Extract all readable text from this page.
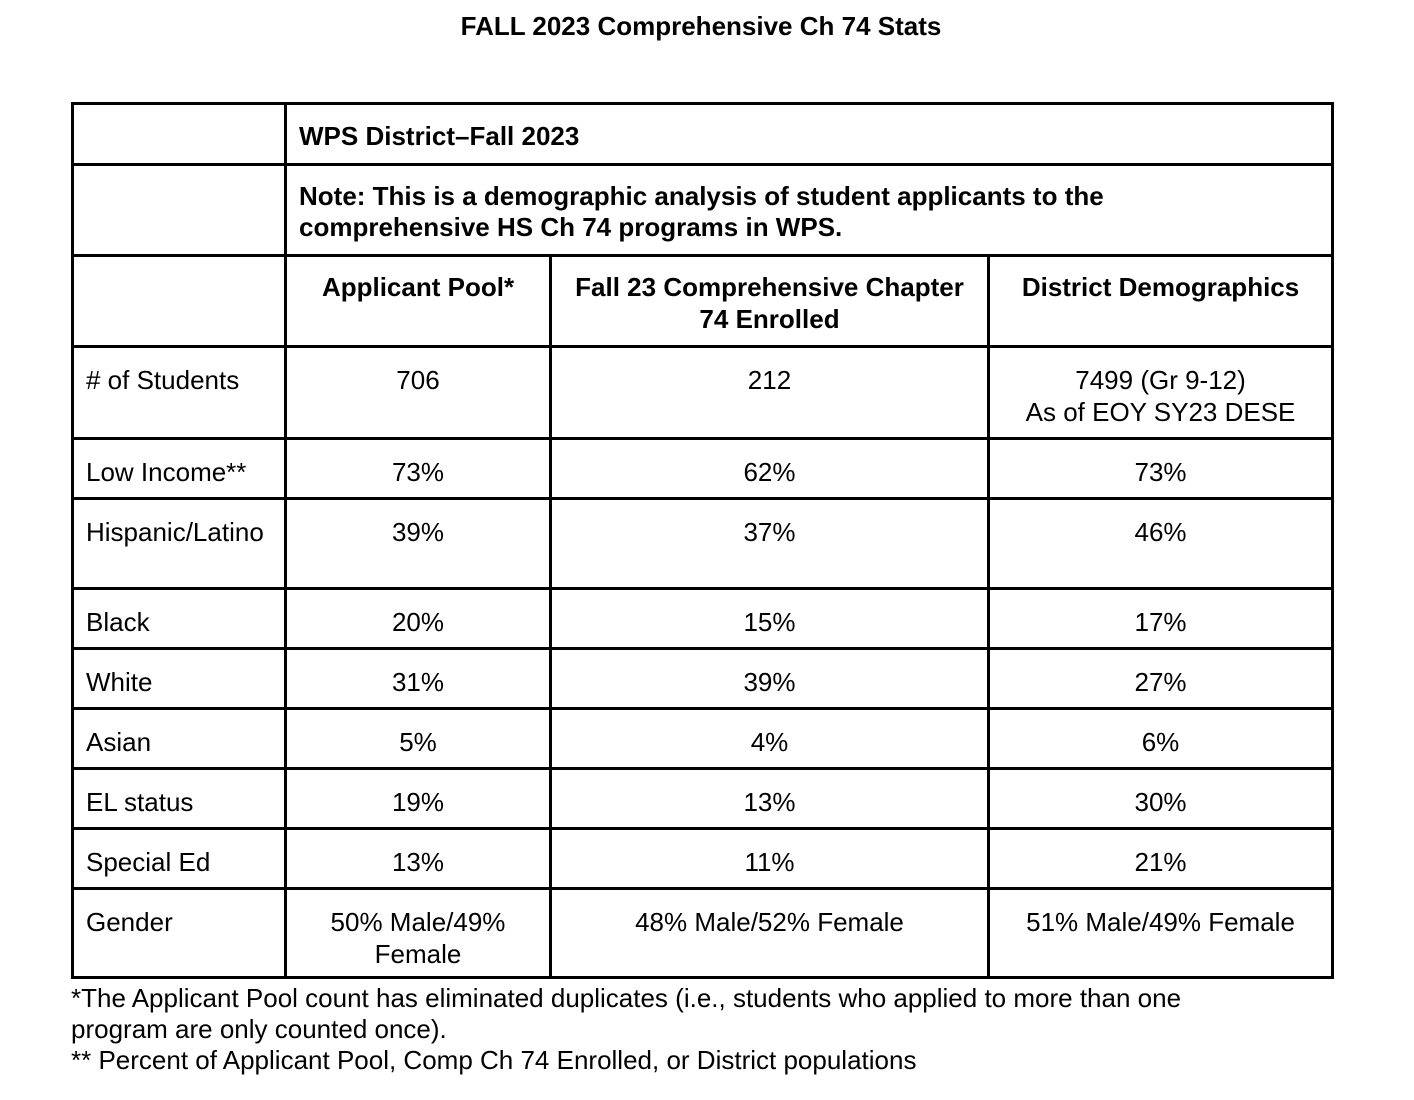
FALL 2023 Comprehensive Ch 74 Stats

	WPS District–Fall 2023		

	Note: This is a demographic analysis of student applicants to the comprehensive HS Ch 74 programs in WPS.		

	Applicant Pool*	Fall 23 Comprehensive Chapter 74 Enrolled	District Demographics

# of Students	706	212	7499 (Gr 9-12)
As of EOY SY23 DESE

Low Income**	73%	62%	73%

Hispanic/Latino	39%	37%	46%

Black	20%	15%	17%

White	31%	39%	27%

Asian	5%	4%	6%

EL status	19%	13%	30%

Special Ed	13%	11%	21%

Gender	50% Male/49% Female	48% Male/52% Female	51% Male/49% Female
*The Applicant Pool count has eliminated duplicates (i.e., students who applied to more than one
program are only counted once).
** Percent of Applicant Pool, Comp Ch 74 Enrolled, or District populations
